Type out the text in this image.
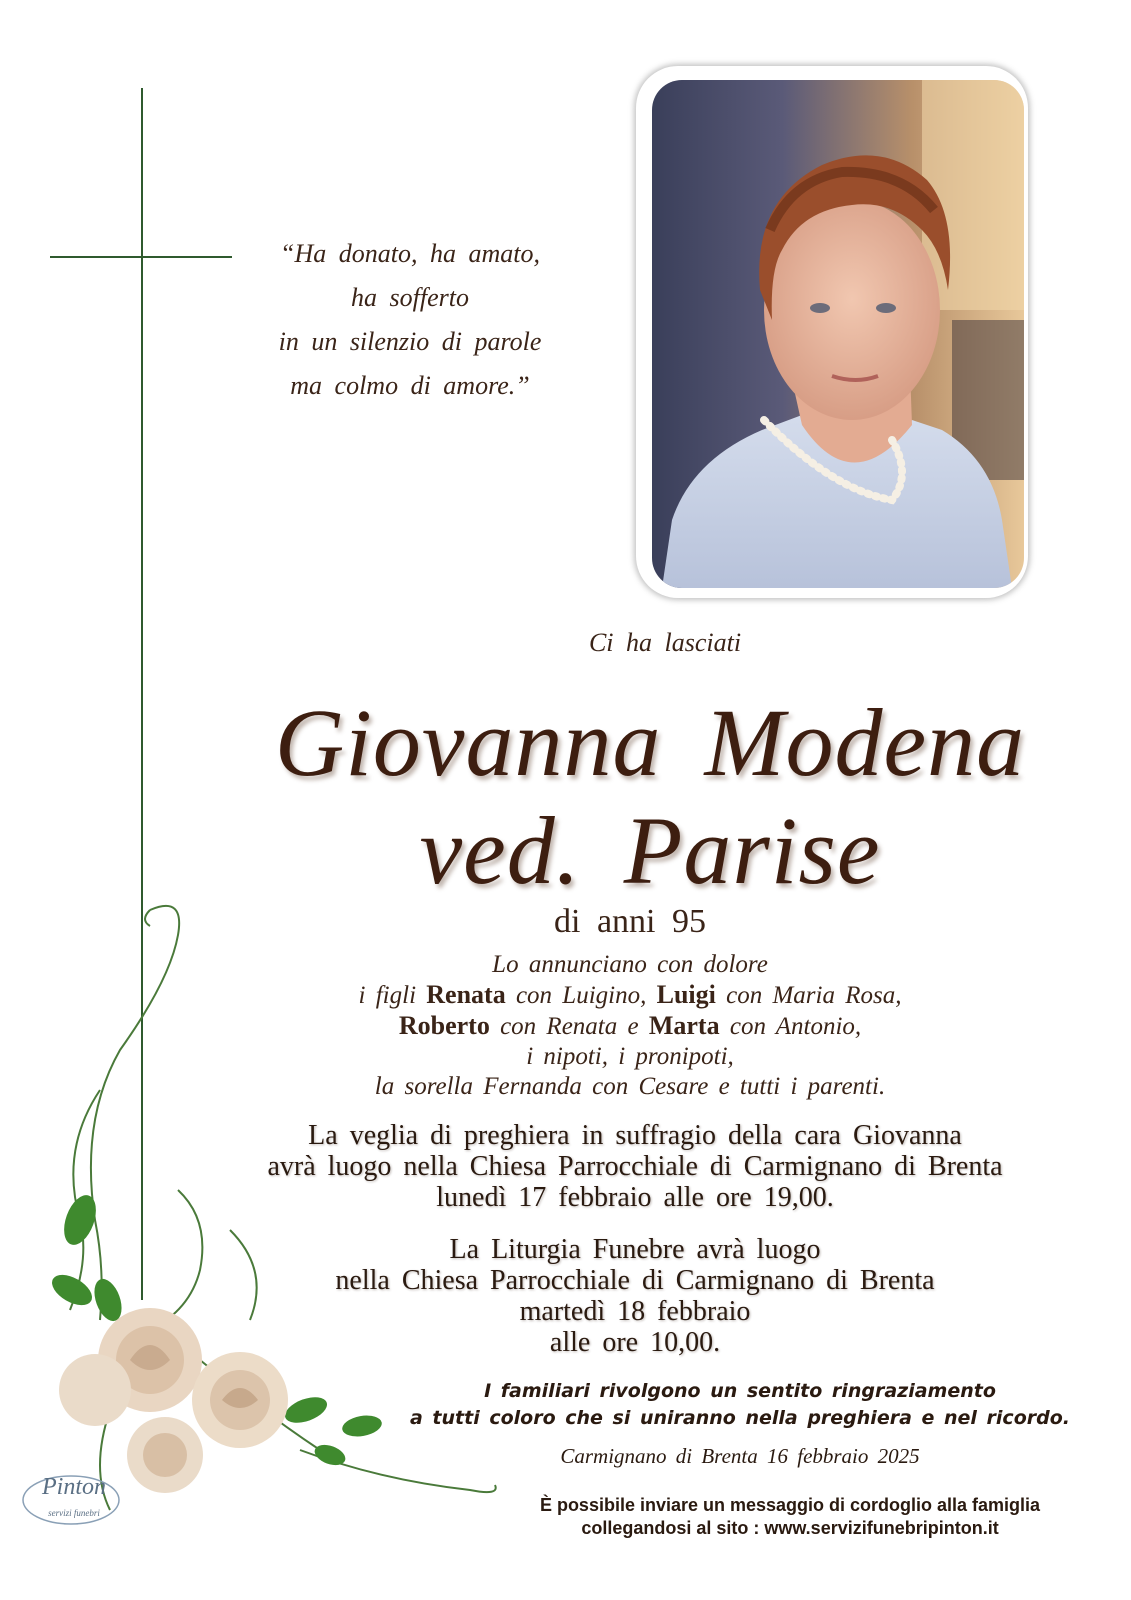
“Ha donato, ha amato,
ha sofferto
in un silenzio di parole
ma colmo di amore.”
Ci ha lasciati
Giovanna Modena
ved. Parise
di anni 95
Lo annunciano con dolore
i figli Renata con Luigino, Luigi con Maria Rosa,
Roberto con Renata e Marta con Antonio,
i nipoti, i pronipoti,
la sorella Fernanda con Cesare e tutti i parenti.
La veglia di preghiera in suffragio della cara Giovanna
avrà luogo nella Chiesa Parrocchiale di Carmignano di Brenta
lunedì 17 febbraio alle ore 19,00.
La Liturgia Funebre avrà luogo
nella Chiesa Parrocchiale di Carmignano di Brenta
martedì 18 febbraio
alle ore 10,00.
I familiari rivolgono un sentito ringraziamento
a tutti coloro che si uniranno nella preghiera e nel ricordo.
Carmignano di Brenta 16 febbraio 2025
È possibile inviare un messaggio di cordoglio alla famiglia
collegandosi al sito : www.servizifunebripinton.it
Pinton
servizi funebri
